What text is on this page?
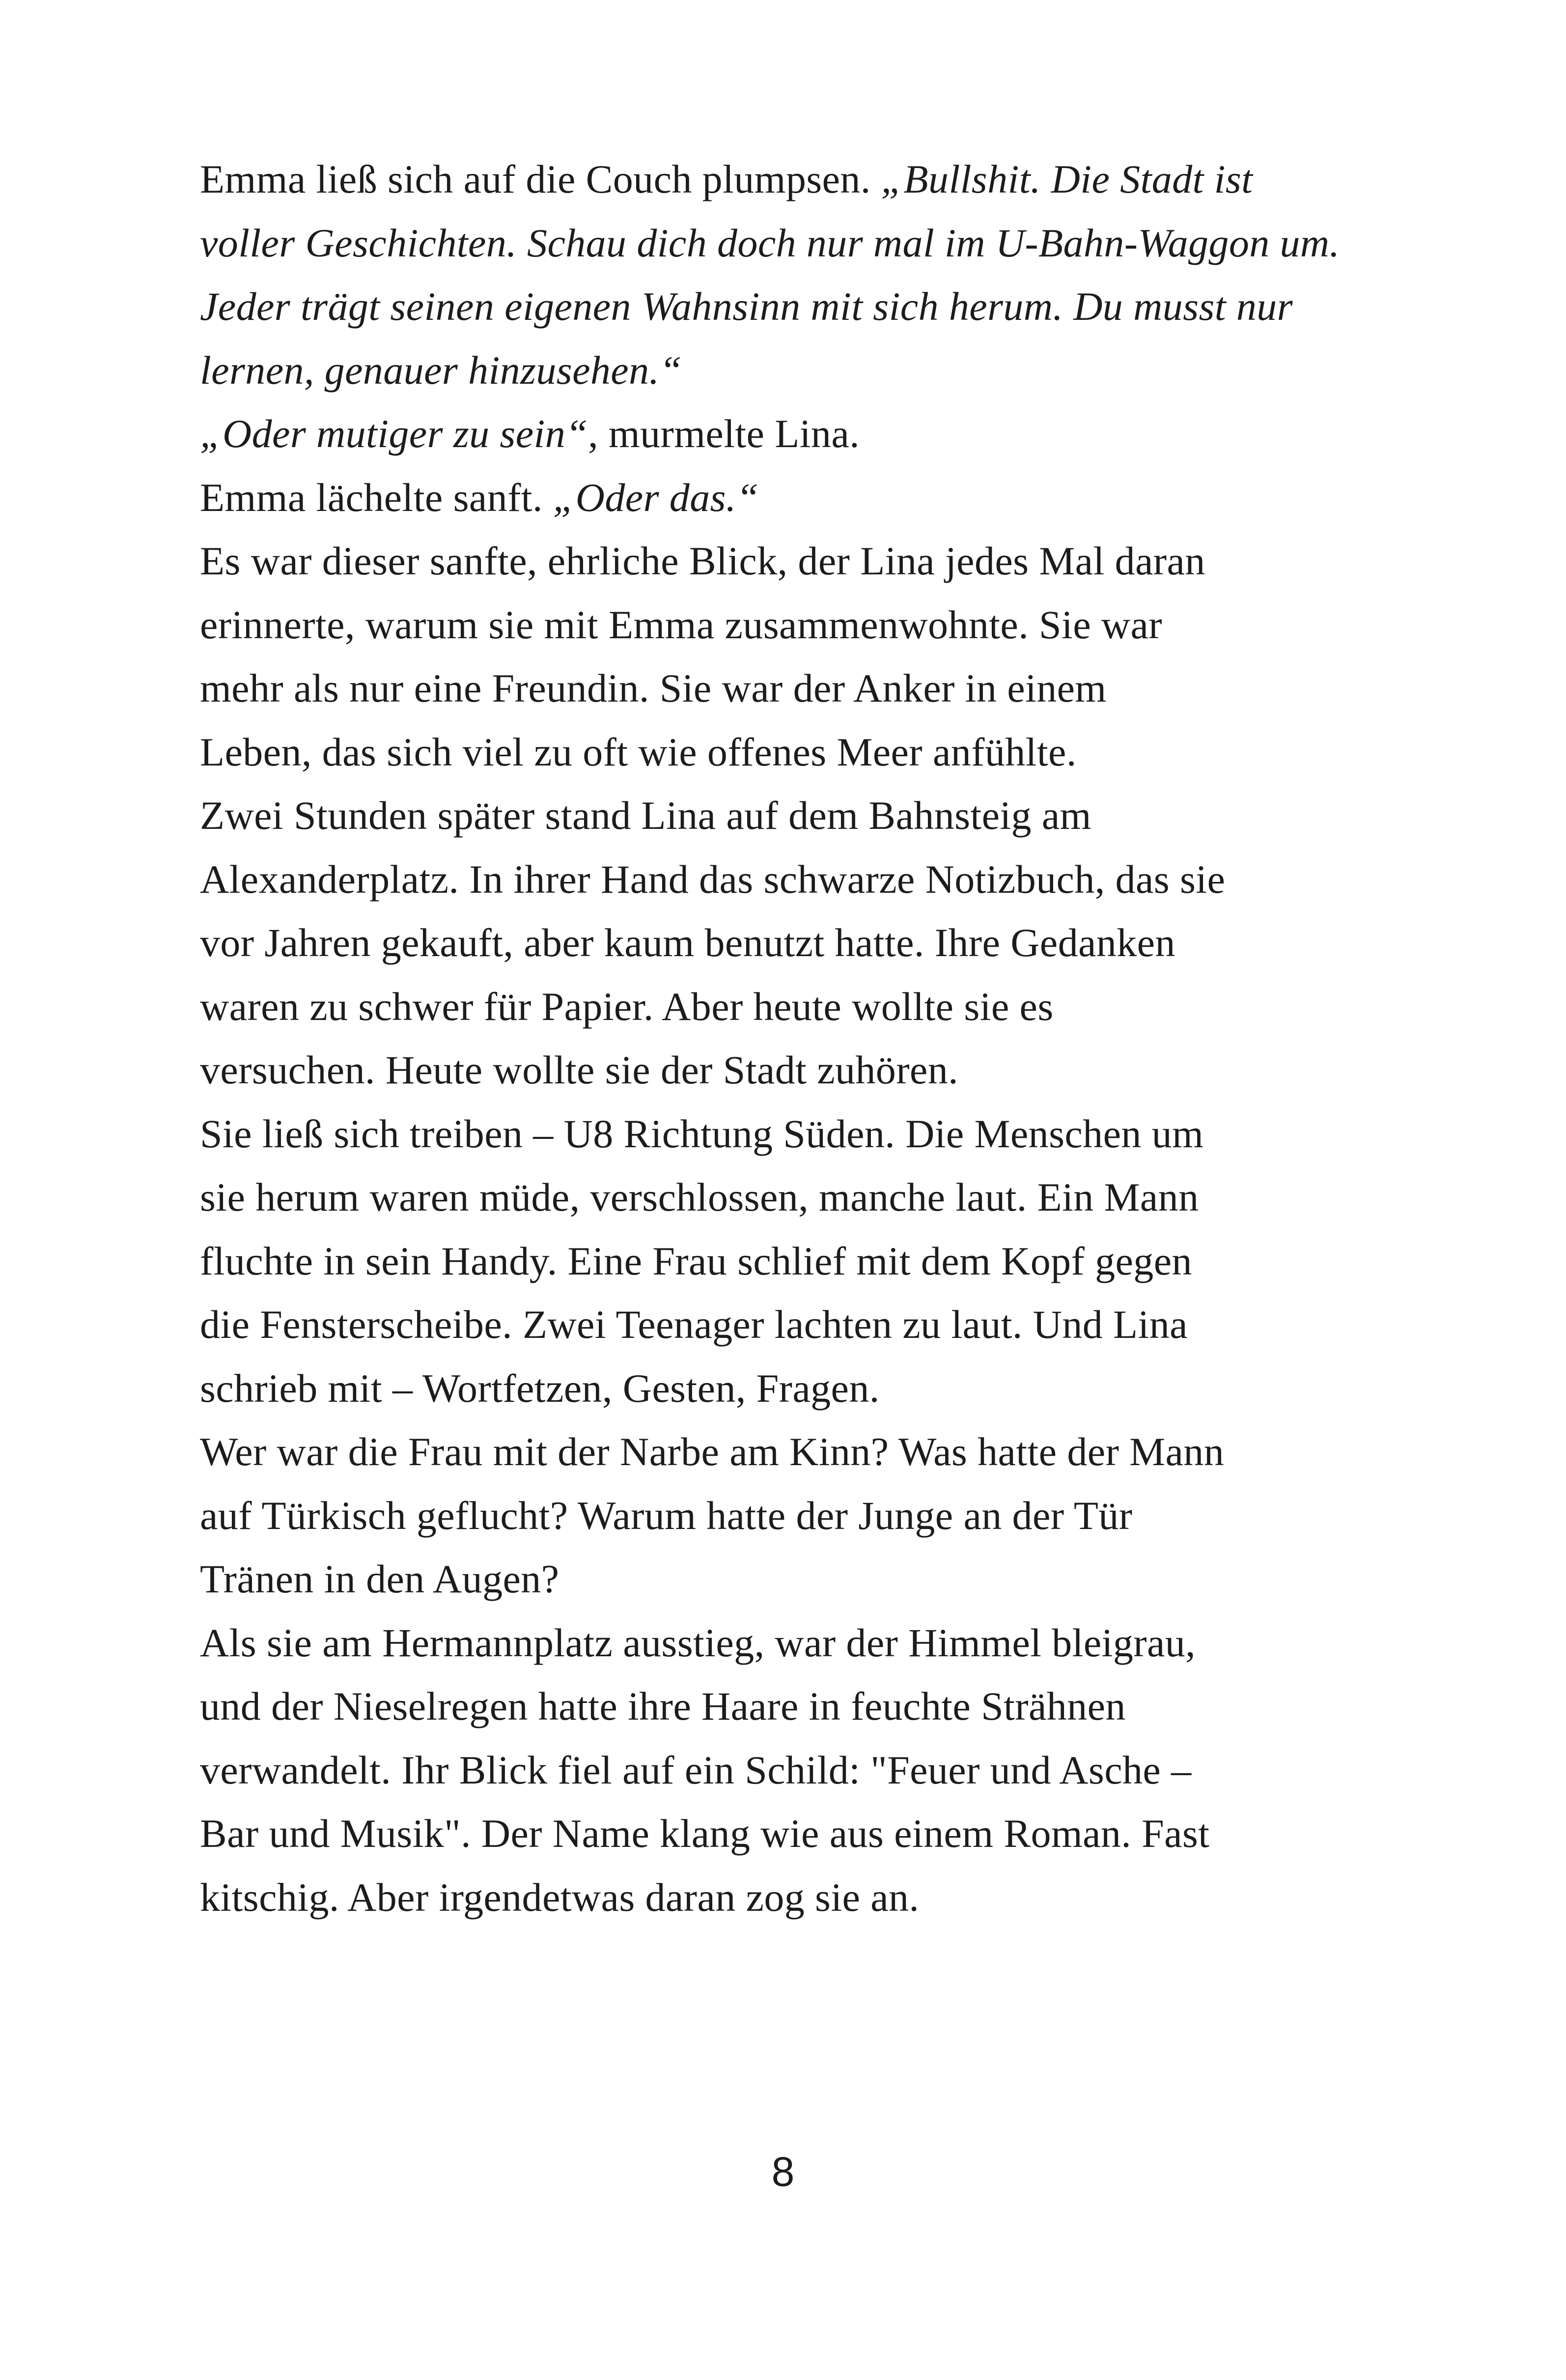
Emma ließ sich auf die Couch plumpsen. „Bullshit. Die Stadt ist

voller Geschichten. Schau dich doch nur mal im U-Bahn-Waggon um.

Jeder trägt seinen eigenen Wahnsinn mit sich herum. Du musst nur

lernen, genauer hinzusehen.“

„Oder mutiger zu sein“, murmelte Lina.

Emma lächelte sanft. „Oder das.“

Es war dieser sanfte, ehrliche Blick, der Lina jedes Mal daran

erinnerte, warum sie mit Emma zusammenwohnte. Sie war

mehr als nur eine Freundin. Sie war der Anker in einem

Leben, das sich viel zu oft wie offenes Meer anfühlte.

Zwei Stunden später stand Lina auf dem Bahnsteig am

Alexanderplatz. In ihrer Hand das schwarze Notizbuch, das sie

vor Jahren gekauft, aber kaum benutzt hatte. Ihre Gedanken

waren zu schwer für Papier. Aber heute wollte sie es

versuchen. Heute wollte sie der Stadt zuhören.

Sie ließ sich treiben – U8 Richtung Süden. Die Menschen um

sie herum waren müde, verschlossen, manche laut. Ein Mann

fluchte in sein Handy. Eine Frau schlief mit dem Kopf gegen

die Fensterscheibe. Zwei Teenager lachten zu laut. Und Lina

schrieb mit – Wortfetzen, Gesten, Fragen.

Wer war die Frau mit der Narbe am Kinn? Was hatte der Mann

auf Türkisch geflucht? Warum hatte der Junge an der Tür

Tränen in den Augen?

Als sie am Hermannplatz ausstieg, war der Himmel bleigrau,

und der Nieselregen hatte ihre Haare in feuchte Strähnen

verwandelt. Ihr Blick fiel auf ein Schild: "Feuer und Asche –

Bar und Musik". Der Name klang wie aus einem Roman. Fast

kitschig. Aber irgendetwas daran zog sie an.

8
